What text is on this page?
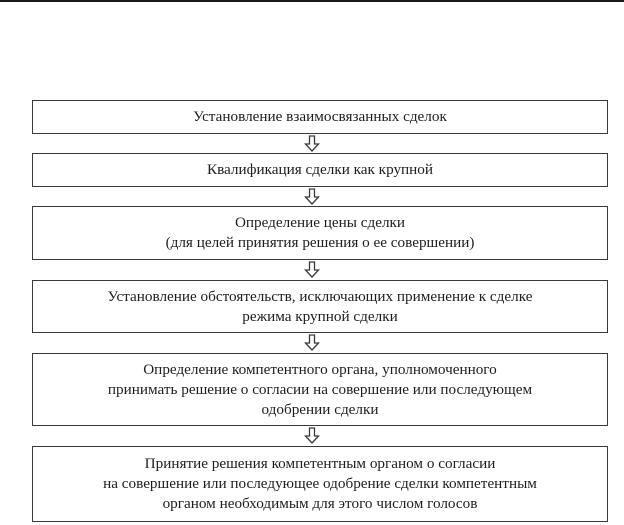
Установление взаимосвязанных сделок
Квалификация сделки как крупной
Определение цены сделки
(для целей принятия решения о ее совершении)
Установление обстоятельств, исключающих применение к сделке
режима крупной сделки
Определение компетентного органа, уполномоченного
принимать решение о согласии на совершение или последующем
одобрении сделки
Принятие решения компетентным органом о согласии
на совершение или последующее одобрение сделки компетентным
органом необходимым для этого числом голосов
